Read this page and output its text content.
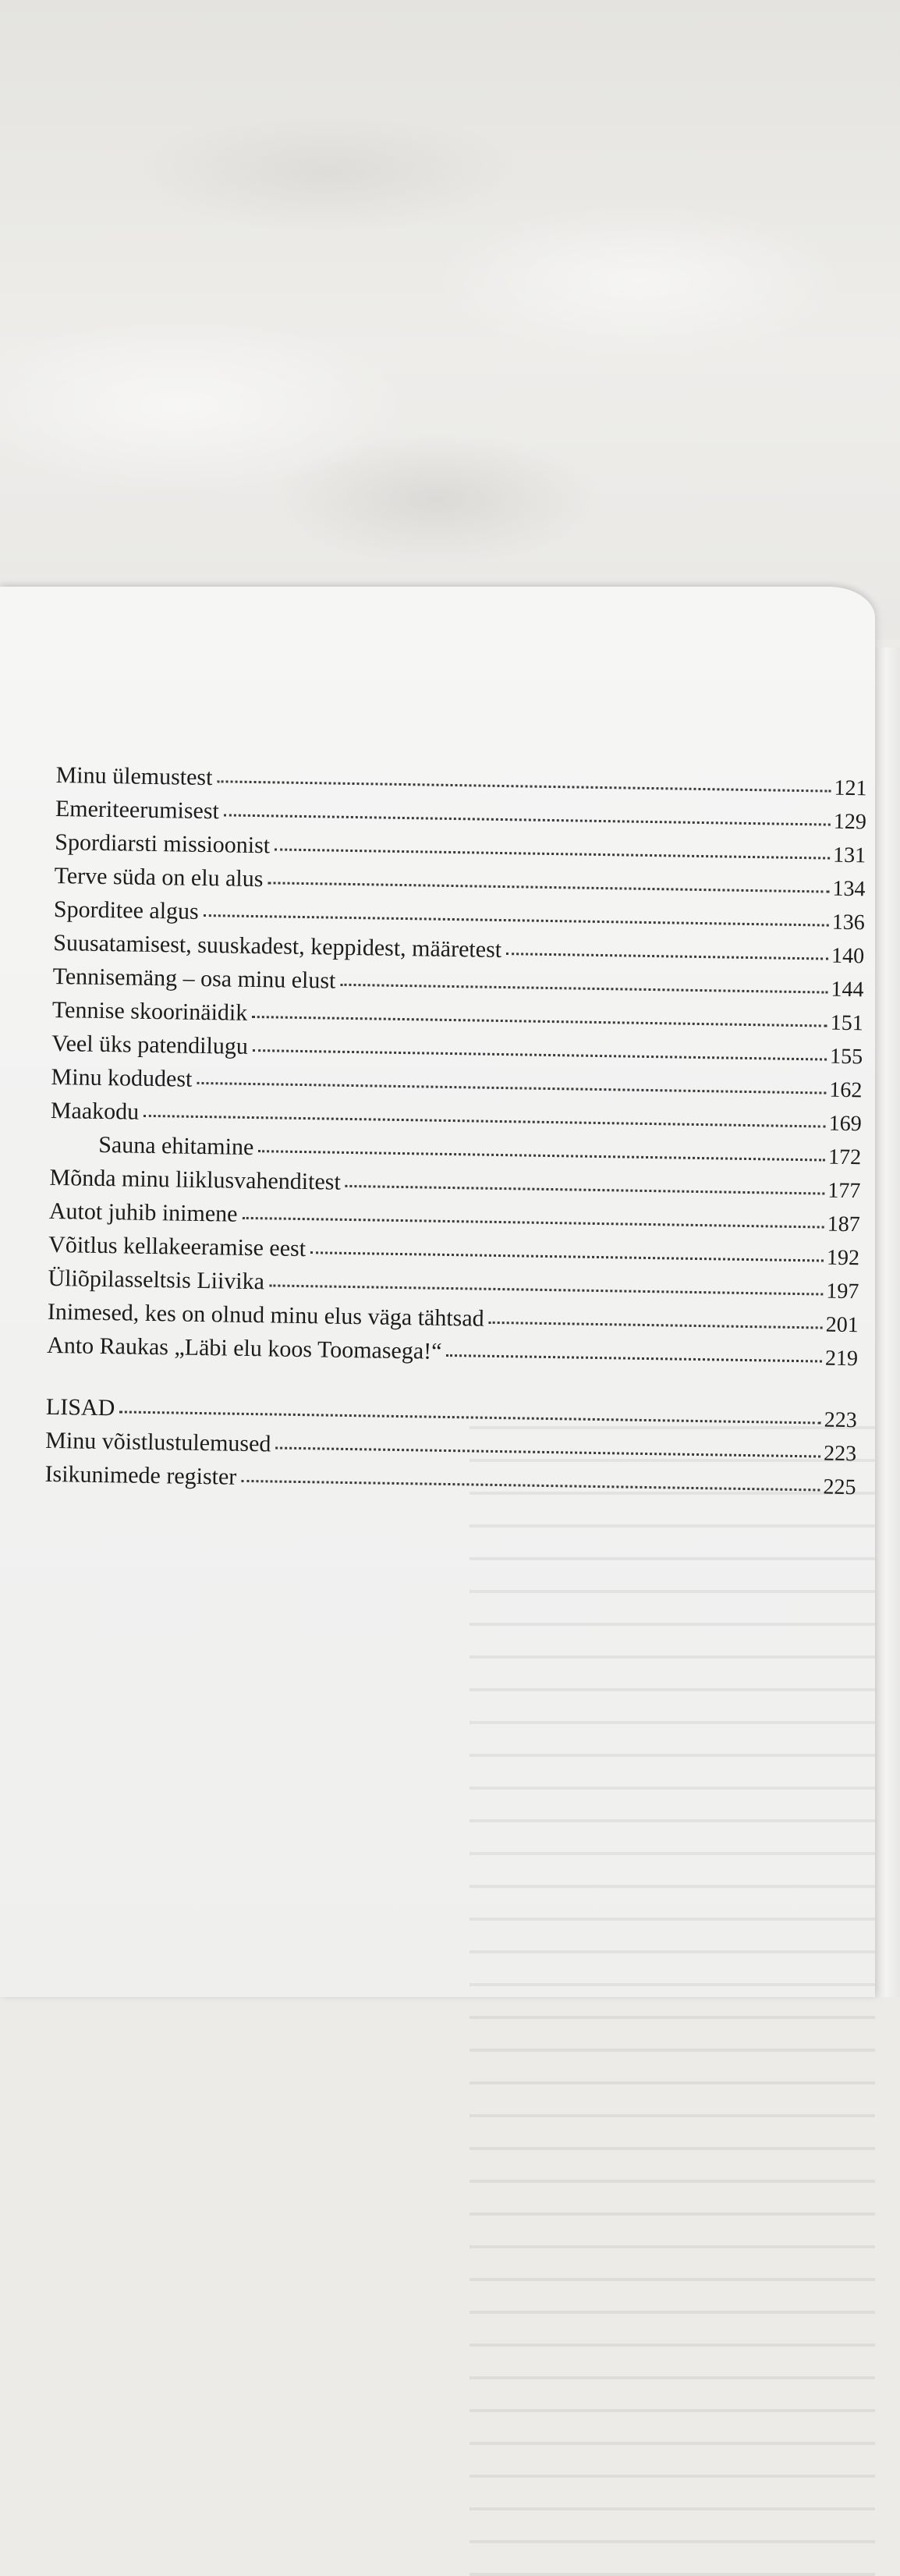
Minu ülemustest	121
Emeriteerumisest	129
Spordiarsti missioonist	131
Terve süda on elu alus	134
Sporditee algus	136
Suusatamisest, suuskadest, keppidest, määretest	140
Tennisemäng – osa minu elust	144
Tennise skoorinäidik	151
Veel üks patendilugu	155
Minu kodudest	162
Maakodu	169
Sauna ehitamine	172
Mõnda minu liiklusvahenditest	177
Autot juhib inimene	187
Võitlus kellakeeramise eest	192
Üliõpilasseltsis Liivika	197
Inimesed, kes on olnud minu elus väga tähtsad	201
Anto Raukas „Läbi elu koos Toomasega!“	219
LISAD	223
Minu võistlustulemused	223
Isikunimede register	225
